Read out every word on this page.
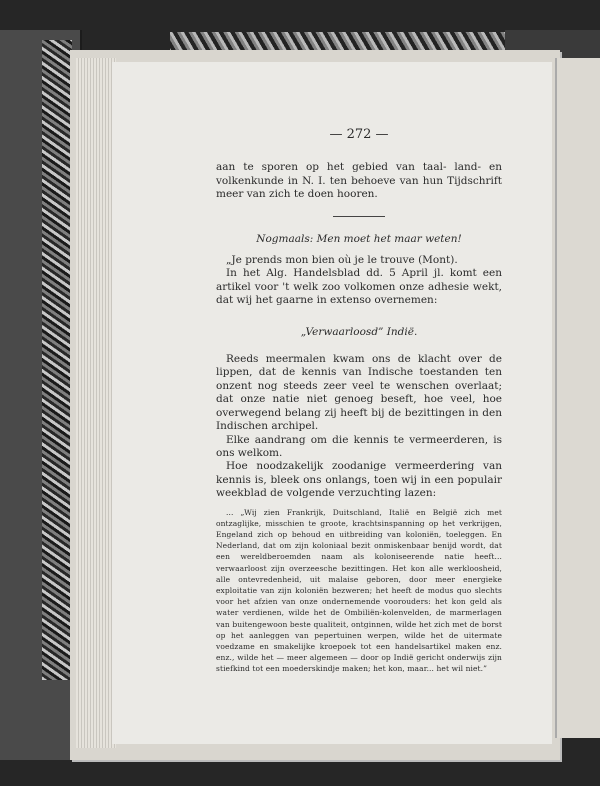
— 272 —

aan te sporen op het gebied van taal- land- en volkenkunde in N. I. ten behoeve van hun Tijdschrift meer van zich te doen hooren.

Nogmaals: Men moet het maar weten!

„Je prends mon bien où je le trouve (Mont).

In het Alg. Handelsblad dd. 5 April jl. komt een artikel voor 't welk zoo volkomen onze adhesie wekt, dat wij het gaarne in extenso overnemen:

„Verwaarloosd” Indië.

Reeds meermalen kwam ons de klacht over de lippen, dat de kennis van Indische toestanden ten onzent nog steeds zeer veel te wenschen overlaat; dat onze natie niet genoeg beseft, hoe veel, hoe overwegend belang zij heeft bij de bezittingen in den Indischen archipel.

Elke aandrang om die kennis te vermeerderen, is ons welkom.

Hoe noodzakelijk zoodanige vermeerdering van kennis is, bleek ons onlangs, toen wij in een populair weekblad de volgende verzuchting lazen:

... „Wij zien Frankrijk, Duitschland, Italië en België zich met ontzaglijke, misschien te groote, krachtsinspanning op het verkrijgen, Engeland zich op behoud en uitbreiding van koloniën, toeleggen. En Nederland, dat om zijn koloniaal bezit onmiskenbaar benijd wordt, dat een wereldberoemden naam als koloniseerende natie heeft... verwaarloost zijn overzeesche bezittingen. Het kon alle werkloosheid, alle ontevredenheid, uit malaise geboren, door meer energieke exploitatie van zijn koloniën bezweren; het heeft de modus quo slechts voor het afzien van onze ondernemende voorouders: het kon geld als water verdienen, wilde het de Ombiliën-kolenvelden, de marmerlagen van buitengewoon beste qualiteit, ontginnen, wilde het zich met de borst op het aanleggen van pepertuinen werpen, wilde het de uitermate voedzame en smakelijke kroepoek tot een handelsartikel maken enz. enz., wilde het — meer algemeen — door op Indië gericht onderwijs zijn stiefkind tot een moederskindje maken; het kon, maar... het wil niet.”
